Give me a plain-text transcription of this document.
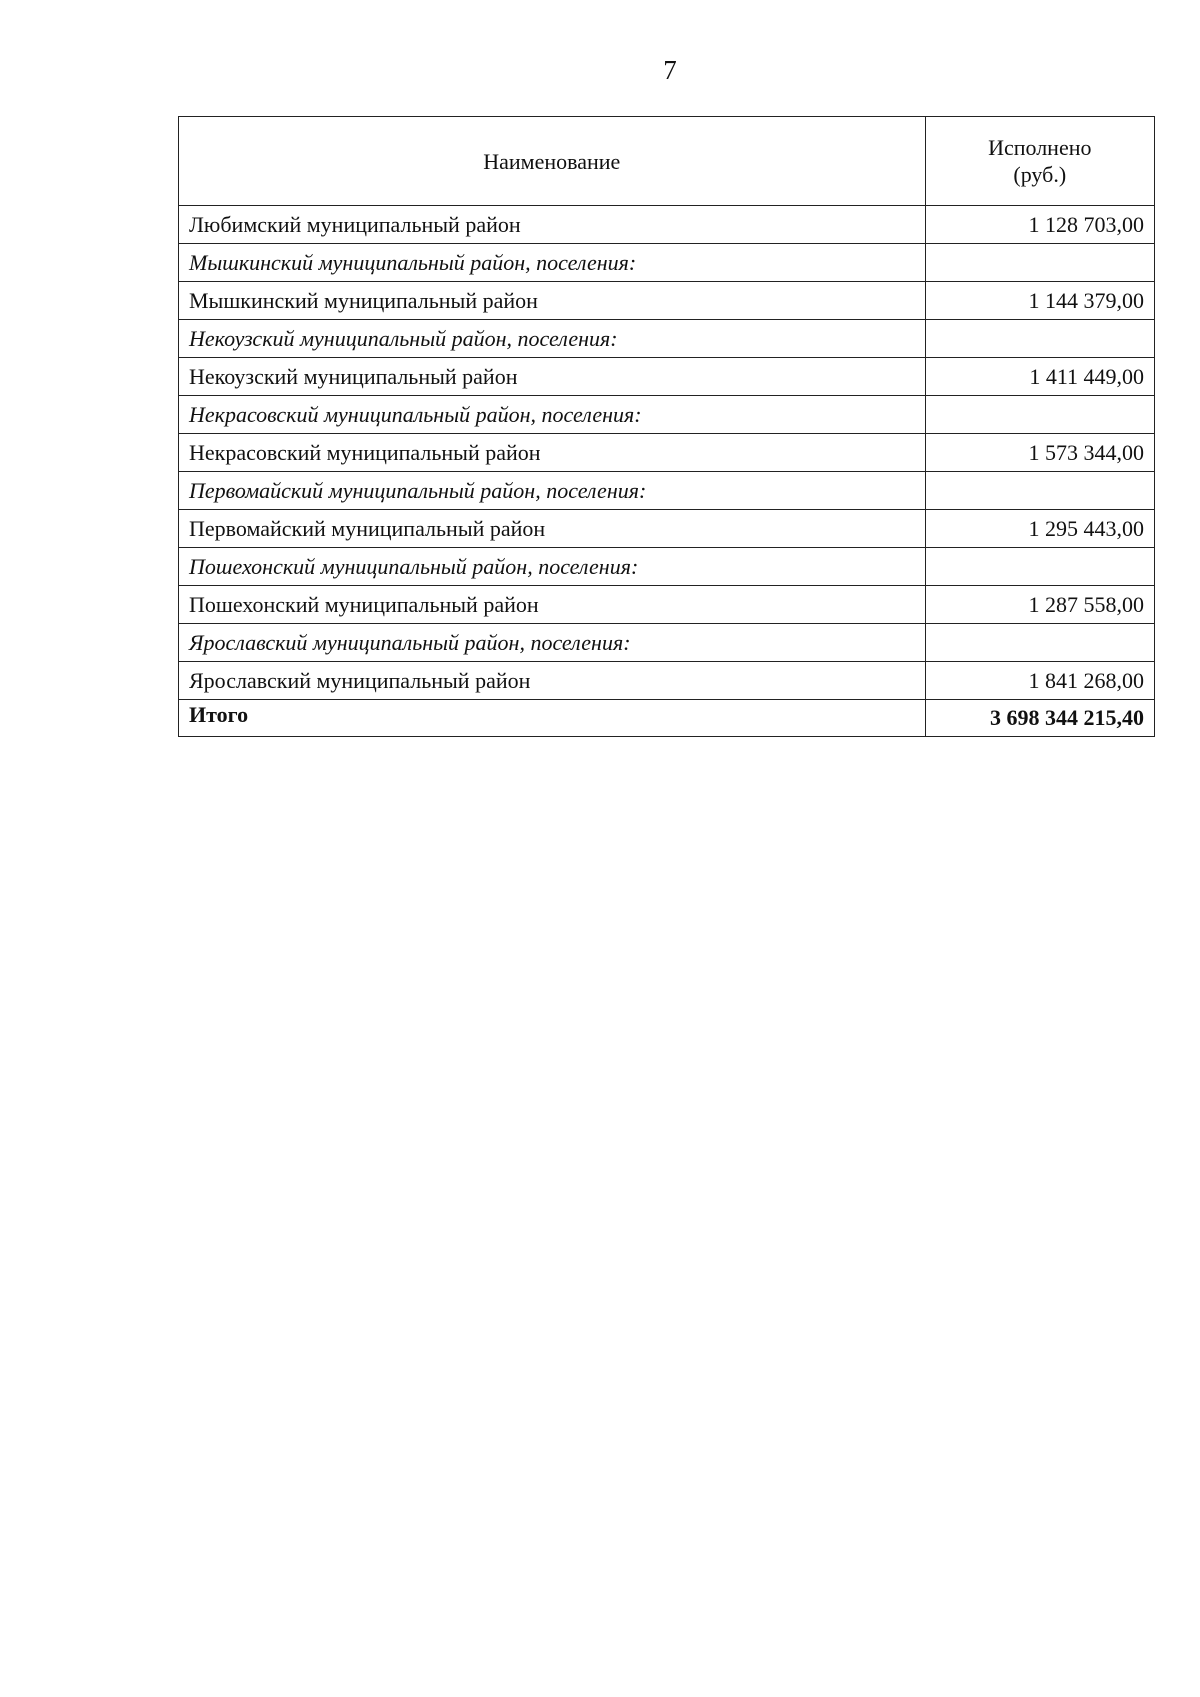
7
Наименование	Исполнено
(руб.)
Любимский муниципальный район	1 128 703,00
Мышкинский муниципальный район, поселения:	
Мышкинский муниципальный район	1 144 379,00
Некоузский муниципальный район, поселения:	
Некоузский муниципальный район	1 411 449,00
Некрасовский муниципальный район, поселения:	
Некрасовский муниципальный район	1 573 344,00
Первомайский муниципальный район, поселения:	
Первомайский муниципальный район	1 295 443,00
Пошехонский муниципальный район, поселения:	
Пошехонский муниципальный район	1 287 558,00
Ярославский муниципальный район, поселения:	
Ярославский муниципальный район	1 841 268,00
Итого	3 698 344 215,40
